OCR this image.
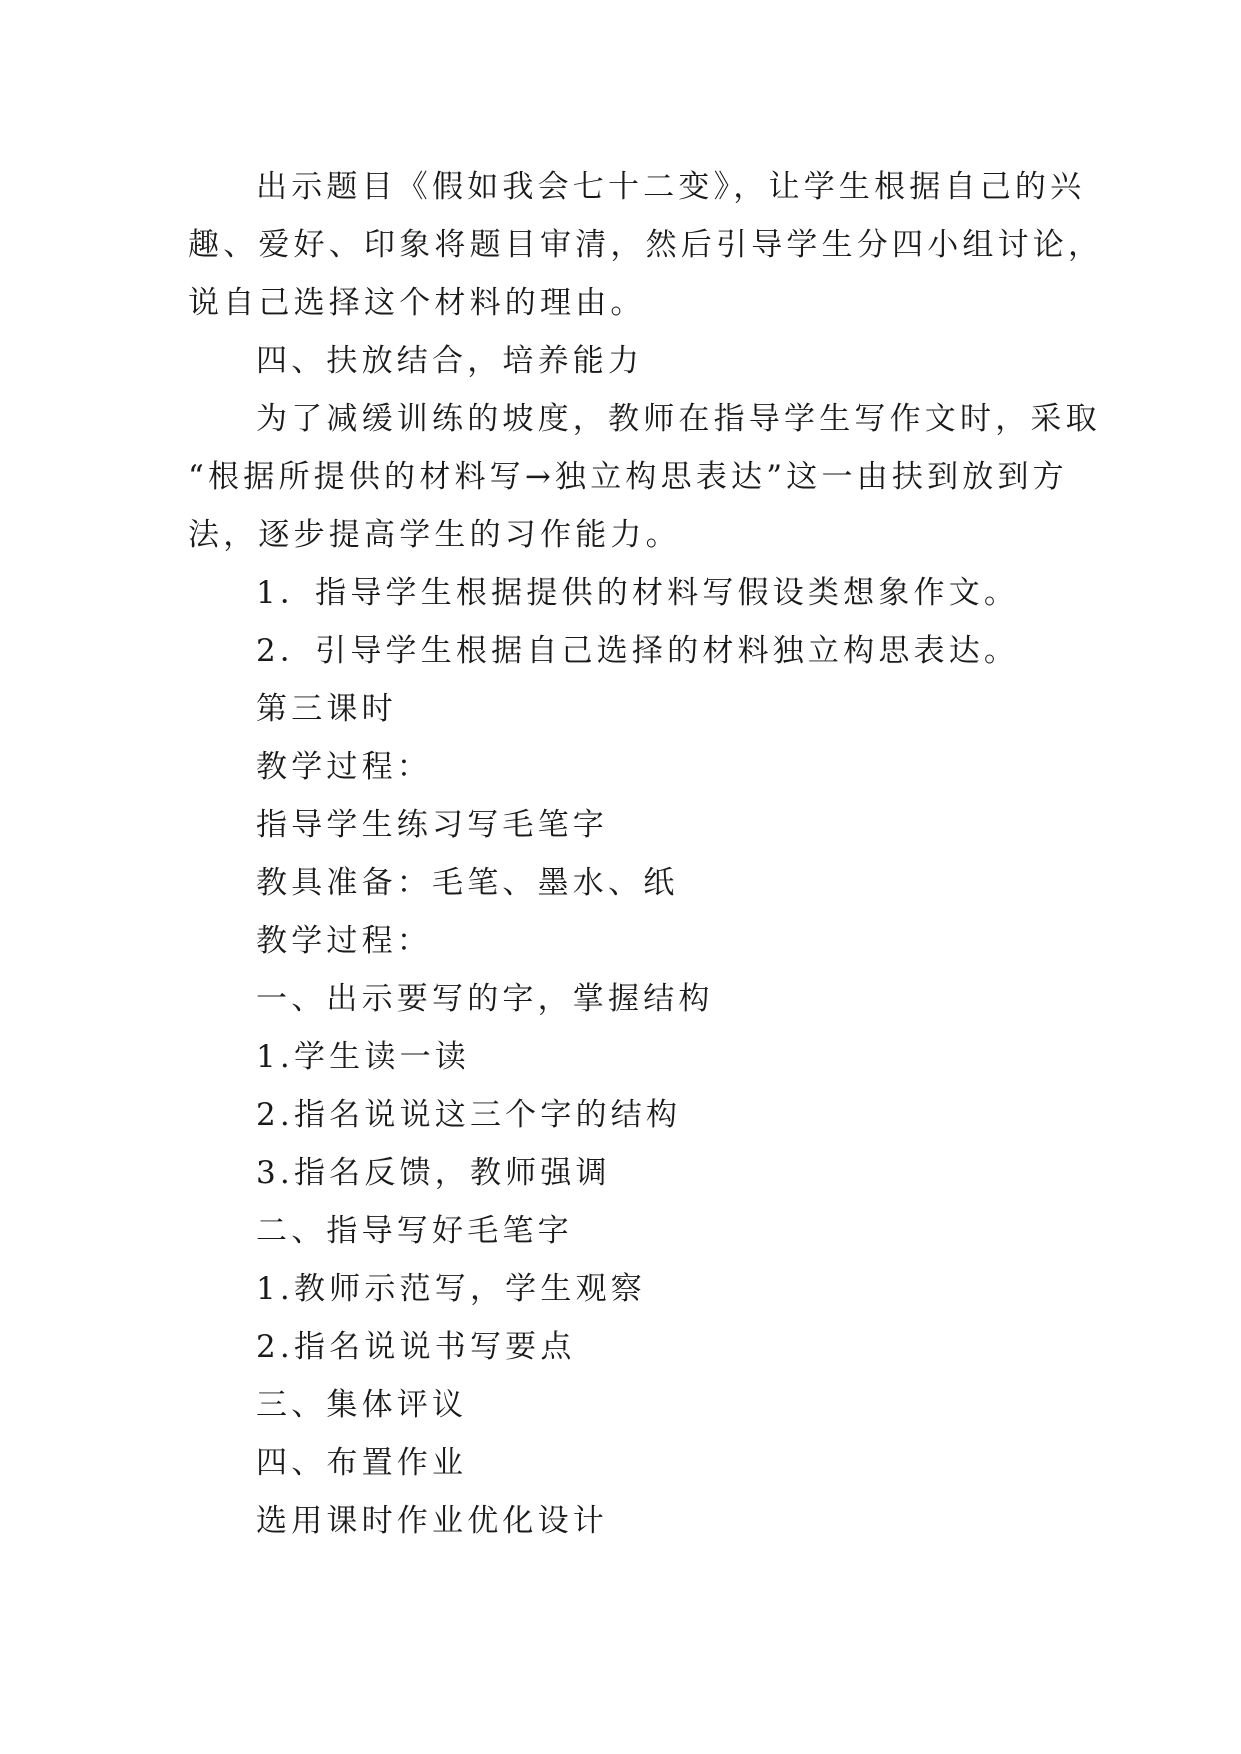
出示题目《假如我会七十二变》，让学生根据自己的兴
趣、爱好、印象将题目审清，然后引导学生分四小组讨论，
说自己选择这个材料的理由。

四、扶放结合，培养能力

为了减缓训练的坡度，教师在指导学生写作文时，采取
“根据所提供的材料写→独立构思表达”这一由扶到放到方
法，逐步提高学生的习作能力。

1．指导学生根据提供的材料写假设类想象作文。

2．引导学生根据自己选择的材料独立构思表达。

第三课时

教学过程：

指导学生练习写毛笔字

教具准备：毛笔、墨水、纸

教学过程：

一、出示要写的字，掌握结构

1.学生读一读

2.指名说说这三个字的结构

3.指名反馈，教师强调

二、指导写好毛笔字

1.教师示范写，学生观察

2.指名说说书写要点

三、集体评议

四、布置作业

选用课时作业优化设计
